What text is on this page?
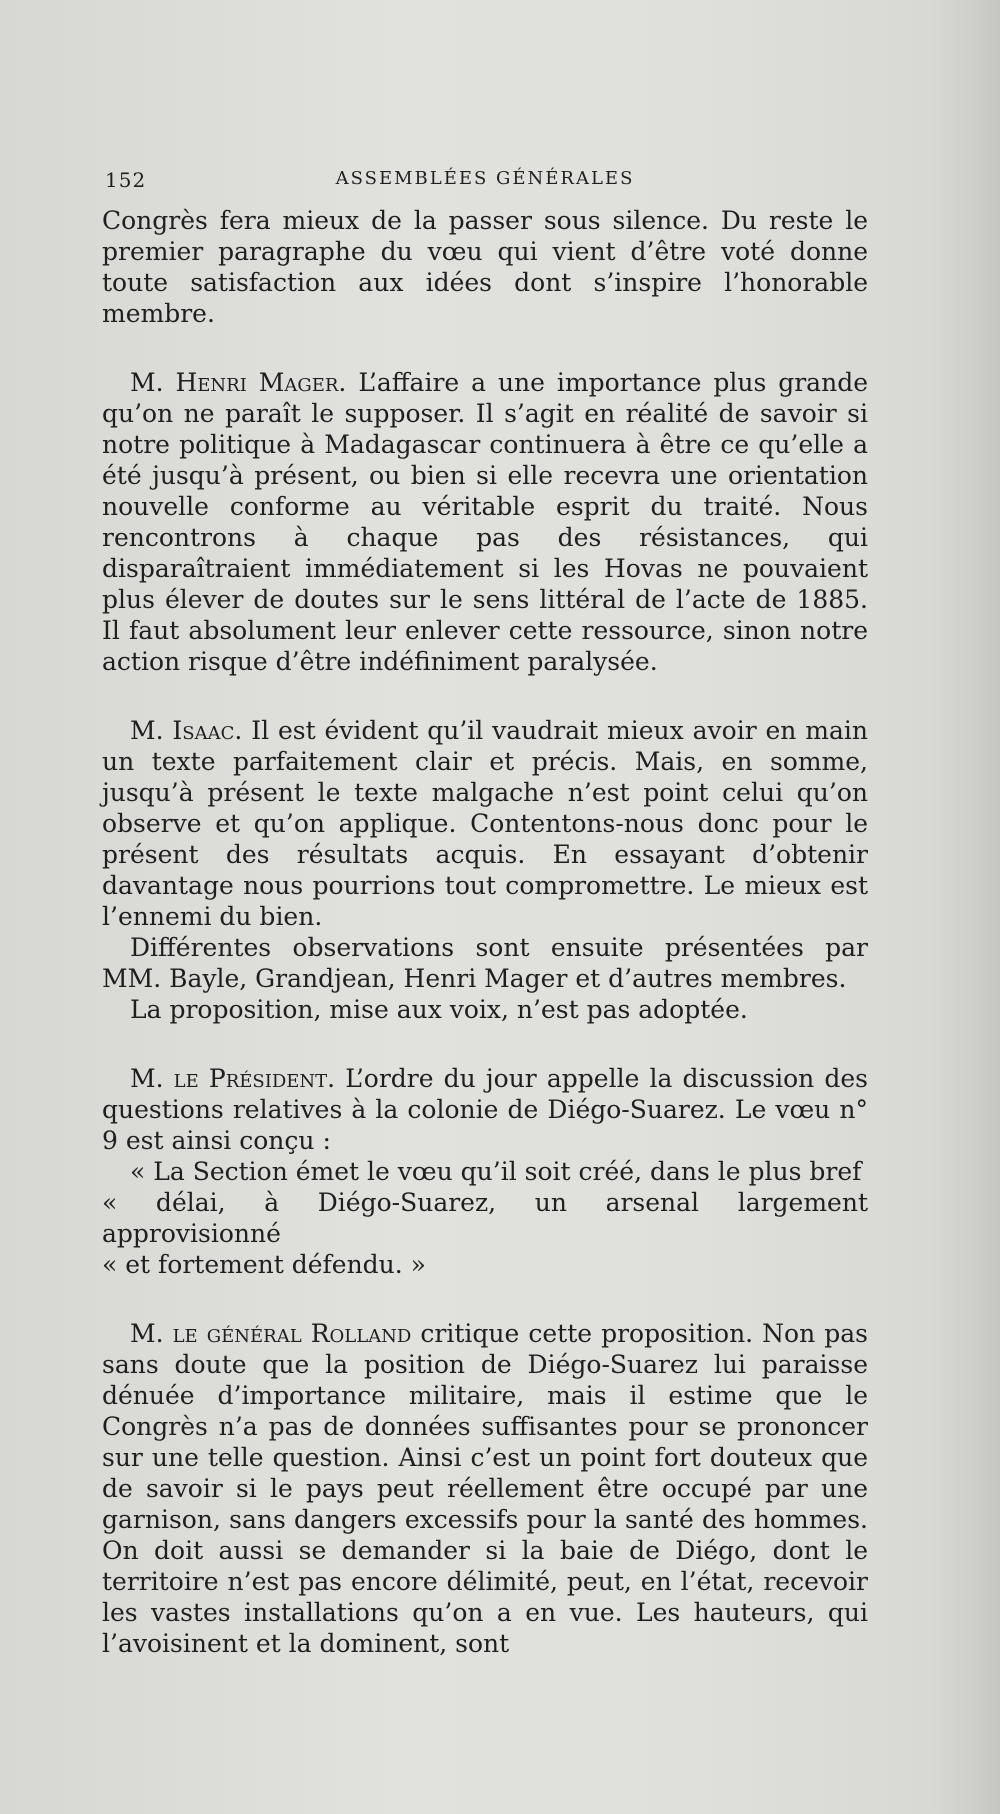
152	ASSEMBLÉES GÉNÉRALES

Congrès fera mieux de la passer sous silence. Du reste le premier paragraphe du vœu qui vient d’être voté donne toute satisfaction aux idées dont s’inspire l’honorable membre.

M. Henri Mager. L’affaire a une importance plus grande qu’on ne paraît le supposer. Il s’agit en réalité de savoir si notre politique à Madagascar continuera à être ce qu’elle a été jusqu’à présent, ou bien si elle recevra une orientation nouvelle conforme au véritable esprit du traité. Nous rencontrons à chaque pas des résistances, qui disparaîtraient immédiatement si les Hovas ne pouvaient plus élever de doutes sur le sens littéral de l’acte de 1885. Il faut absolument leur enlever cette ressource, sinon notre action risque d’être indéfiniment paralysée.

M. Isaac. Il est évident qu’il vaudrait mieux avoir en main un texte parfaitement clair et précis. Mais, en somme, jusqu’à présent le texte malgache n’est point celui qu’on observe et qu’on applique. Contentons-nous donc pour le présent des résultats acquis. En essayant d’obtenir davantage nous pourrions tout compromettre. Le mieux est l’ennemi du bien.

Différentes observations sont ensuite présentées par MM. Bayle, Grandjean, Henri Mager et d’autres membres.

La proposition, mise aux voix, n’est pas adoptée.

M. le Président. L’ordre du jour appelle la discussion des questions relatives à la colonie de Diégo-Suarez. Le vœu n° 9 est ainsi conçu :

« La Section émet le vœu qu’il soit créé, dans le plus bref

« délai, à Diégo-Suarez, un arsenal largement approvisionné

« et fortement défendu. »

M. le général Rolland critique cette proposition. Non pas sans doute que la position de Diégo-Suarez lui paraisse dénuée d’importance militaire, mais il estime que le Congrès n’a pas de données suffisantes pour se prononcer sur une telle question. Ainsi c’est un point fort douteux que de savoir si le pays peut réellement être occupé par une garnison, sans dangers excessifs pour la santé des hommes. On doit aussi se demander si la baie de Diégo, dont le territoire n’est pas encore délimité, peut, en l’état, recevoir les vastes installations qu’on a en vue. Les hauteurs, qui l’avoisinent et la dominent, sont
